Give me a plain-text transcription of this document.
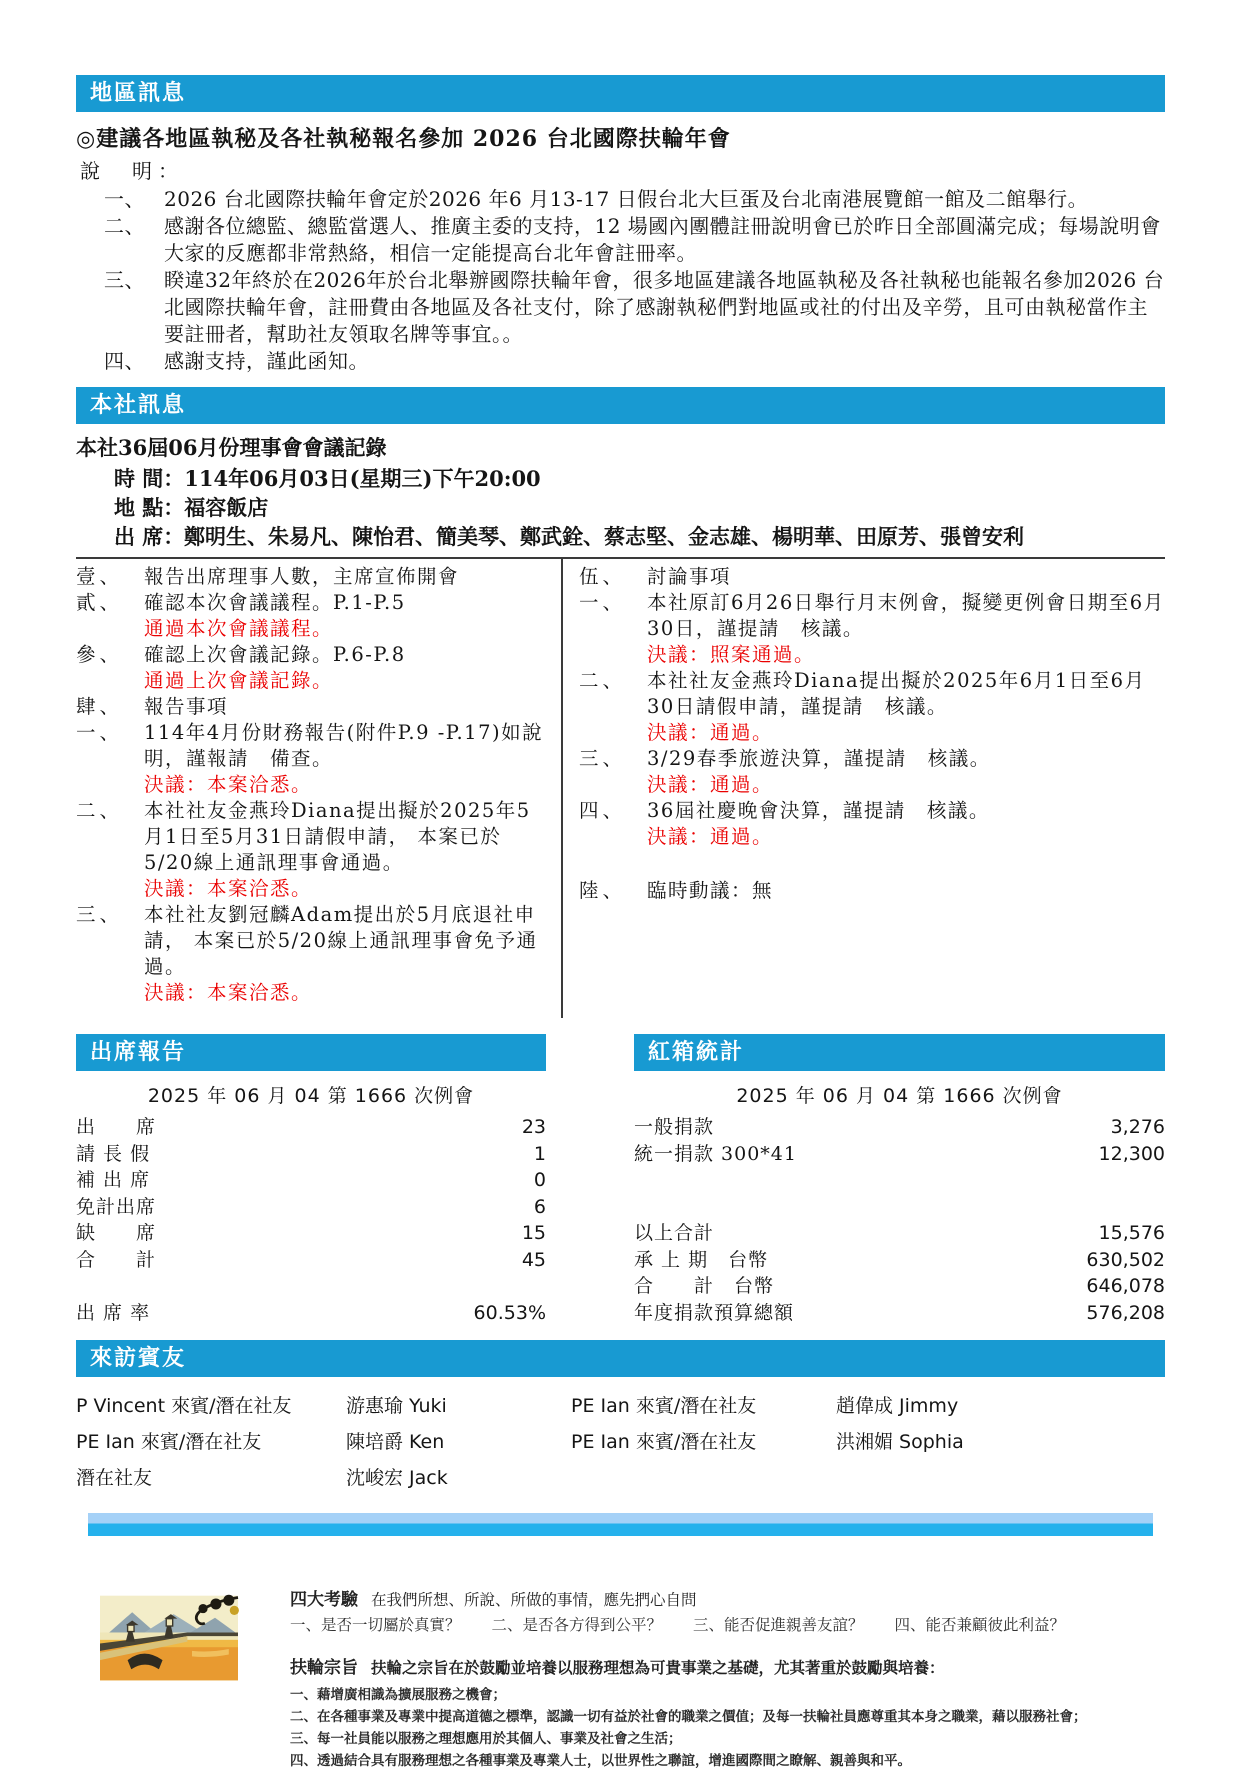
地區訊息
◎建議各地區執秘及各社執秘報名參加 2026 台北國際扶輪年會
說　明：
一、 2026 台北國際扶輪年會定於2026 年6 月13-17 日假台北大巨蛋及台北南港展覽館一館及二館舉行。
二、 感謝各位總監、總監當選人、推廣主委的支持，12 場國內團體註冊說明會已於昨日全部圓滿完成；每場說明會大家的反應都非常熱絡，相信一定能提高台北年會註冊率。
三、 睽違32年終於在2026年於台北舉辦國際扶輪年會，很多地區建議各地區執秘及各社執秘也能報名參加2026 台北國際扶輪年會，註冊費由各地區及各社支付，除了感謝執秘們對地區或社的付出及辛勞，且可由執秘當作主要註冊者，幫助社友領取名牌等事宜。。
四、 感謝支持，謹此函知。
本社訊息
本社36屆06月份理事會會議記錄
時 間：114年06月03日(星期三)下午20:00
地 點：福容飯店
出 席： 鄭明生、朱易凡、陳怡君、簡美琴、鄭武銓、蔡志堅、金志雄、楊明華、田原芳、張曾安利
壹、	報告出席理事人數，主席宣佈開會
貳、	確認本次會議議程。P.1-P.5
通過本次會議議程。
參、	確認上次會議記錄。P.6-P.8
通過上次會議記錄。
肆、	報告事項
一、	114年4月份財務報告(附件P.9 -P.17)如說明，謹報請　備查。
決議：本案洽悉。
二、	本社社友金燕玲Diana提出擬於2025年5月1日至5月31日請假申請， 本案已於5/20線上通訊理事會通過。
決議：本案洽悉。
三、	本社社友劉冠麟Adam提出於5月底退社申請， 本案已於5/20線上通訊理事會免予通過。
決議：本案洽悉。
伍、	討論事項
一、	本社原訂6月26日舉行月末例會，擬變更例會日期至6月30日，謹提請　核議。
決議：照案通過。
二、	本社社友金燕玲Diana提出擬於2025年6月1日至6月30日請假申請，謹提請　核議。
決議：通過。
三、	3/29春季旅遊決算，謹提請　核議。
決議：通過。
四、	36屆社慶晚會決算，謹提請　核議。
決議：通過。
陸、	臨時動議：無
出席報告
2025 年 06 月 04 第 1666 次例會
出　　席	23
請 長 假	1
補 出 席	0
免計出席	6
缺　　席	15
合　　計	45
出 席 率	60.53%
紅箱統計
2025 年 06 月 04 第 1666 次例會
一般捐款	3,276
統一捐款 300*41	12,300
以上合計	15,576
承 上 期　台幣	630,502
合　　計　台幣	646,078
年度捐款預算總額	576,208
來訪賓友
P Vincent 來賓/潛在社友	游惠瑜 Yuki	PE Ian 來賓/潛在社友	趙偉成 Jimmy
PE Ian 來賓/潛在社友	陳培爵 Ken	PE Ian 來賓/潛在社友	洪湘媚 Sophia
潛在社友	沈峻宏 Jack
四大考驗 在我們所想、所說、所做的事情，應先捫心自問
一、是否一切屬於真實？　　二、是否各方得到公平？　　三、能否促進親善友誼？　　四、能否兼顧彼此利益？
扶輪宗旨 扶輪之宗旨在於鼓勵並培養以服務理想為可貴事業之基礎，尤其著重於鼓勵與培養：
一、藉增廣相識為擴展服務之機會；
二、在各種事業及專業中提高道德之標準，認識一切有益於社會的職業之價值；及每一扶輪社員應尊重其本身之職業，藉以服務社會；
三、每一社員能以服務之理想應用於其個人、事業及社會之生活；
四、透過結合具有服務理想之各種事業及專業人士，以世界性之聯誼，增進國際間之瞭解、親善與和平。
